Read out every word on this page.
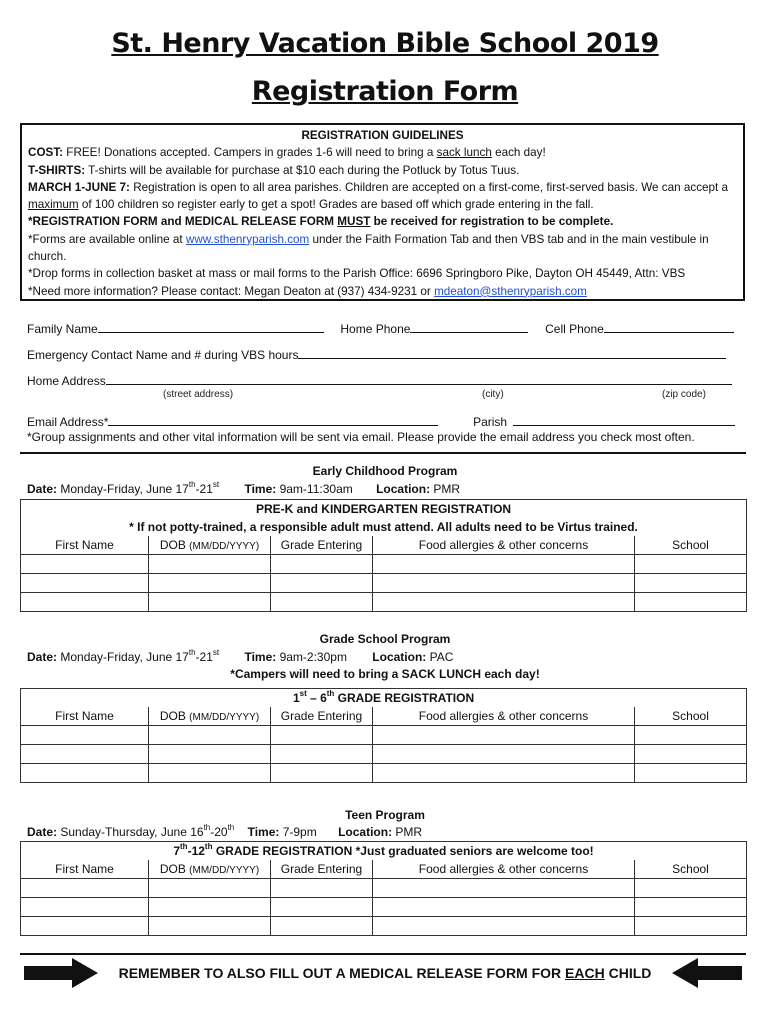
St. Henry Vacation Bible School 2019
Registration Form

REGISTRATION GUIDELINES

COST: FREE! Donations accepted. Campers in grades 1-6 will need to bring a sack lunch each day!

T-SHIRTS: T-shirts will be available for purchase at $10 each during the Potluck by Totus Tuus.

MARCH 1-JUNE 7: Registration is open to all area parishes. Children are accepted on a first-come, first-served basis. We can accept a maximum of 100 children so register early to get a spot! Grades are based off which grade entering in the fall.

*REGISTRATION FORM and MEDICAL RELEASE FORM MUST be received for registration to be complete.

*Forms are available online at www.sthenryparish.com under the Faith Formation Tab and then VBS tab and in the main vestibule in church.

*Drop forms in collection basket at mass or mail forms to the Parish Office: 6696 Springboro Pike, Dayton OH 45449, Attn: VBS

*Need more information? Please contact: Megan Deaton at (937) 434-9231 or mdeaton@sthenryparish.com

Family Name	Home Phone	Cell Phone
Emergency Contact Name and # during VBS hours
Home Address
(street address)	(city)	(zip code)
Email Address*	Parish
*Group assignments and other vital information will be sent via email. Please provide the email address you check most often.
Early Childhood Program
Date: Monday-Friday, June 17th-21st Time: 9am-11:30am Location: PMR
PRE-K and KINDERGARTEN REGISTRATION				
* If not potty-trained, a responsible adult must attend. All adults need to be Virtus trained.				
First Name	DOB (MM/DD/YYYY)	Grade Entering	Food allergies & other concerns	School

Grade School Program
Date: Monday-Friday, June 17th-21st Time: 9am-2:30pm Location: PAC
*Campers will need to bring a SACK LUNCH each day!
1st – 6th GRADE REGISTRATION				
First Name	DOB (MM/DD/YYYY)	Grade Entering	Food allergies & other concerns	School

Teen Program
Date: Sunday-Thursday, June 16th-20th Time: 7-9pm Location: PMR
7th-12th GRADE REGISTRATION *Just graduated seniors are welcome too!				
First Name	DOB (MM/DD/YYYY)	Grade Entering	Food allergies & other concerns	School

REMEMBER TO ALSO FILL OUT A MEDICAL RELEASE FORM FOR EACH CHILD
